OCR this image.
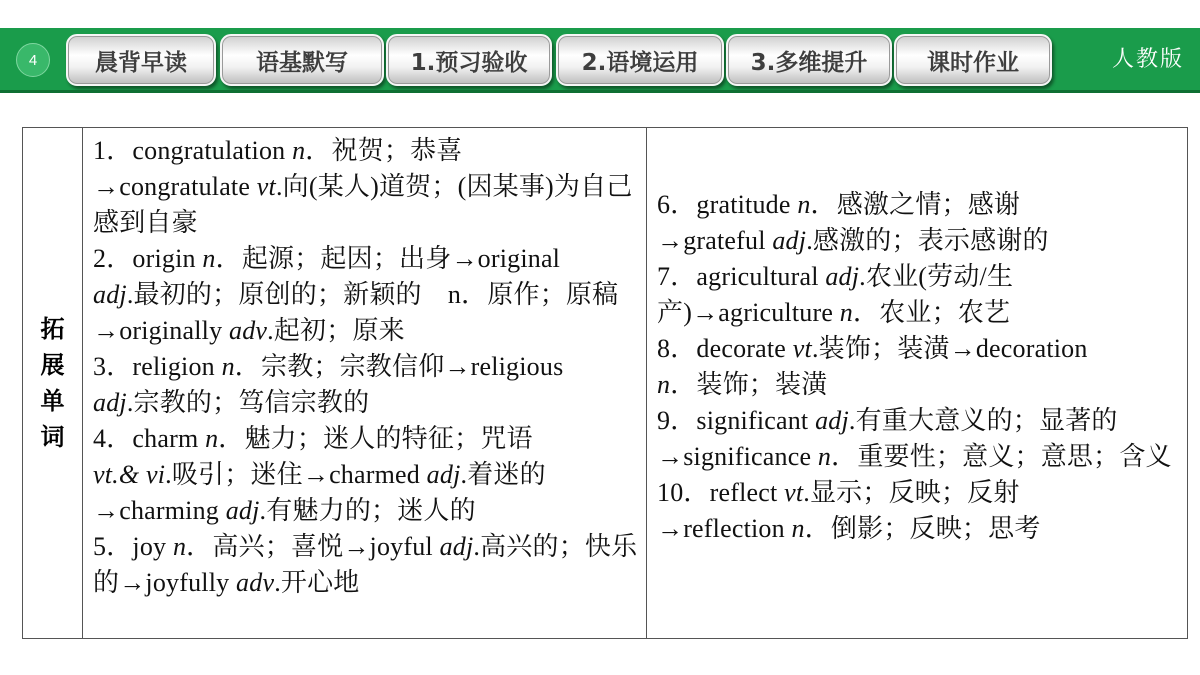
4	晨背早读	语基默写	1.预习验收 2.语境运用 3.多维提升	课时作业	人教版
拓展单词

1．congratulation n．祝贺；恭喜
→congratulate vt.向(某人)道贺；(因某事)为自己感到自豪

2．origin n．起源；起因；出身→original
adj.最初的；原创的；新颖的　n．原作；原稿→originally adv.起初；原来

3．religion n．宗教；宗教信仰→religious
adj.宗教的；笃信宗教的

4．charm n．魅力；迷人的特征；咒语
vt.& vi.吸引；迷住→charmed adj.着迷的
→charming adj.有魅力的；迷人的

5．joy n．高兴；喜悦→joyful adj.高兴的；快乐的→joyfully adv.开心地

6．gratitude n．感激之情；感谢
→grateful adj.感激的；表示感谢的

7．agricultural adj.农业(劳动/生产)→agriculture n．农业；农艺

8．decorate vt.装饰；装潢→decoration
n．装饰；装潢

9．significant adj.有重大意义的；显著的
→significance n．重要性；意义；意思；含义

10．reflect vt.显示；反映；反射
→reflection n．倒影；反映；思考
